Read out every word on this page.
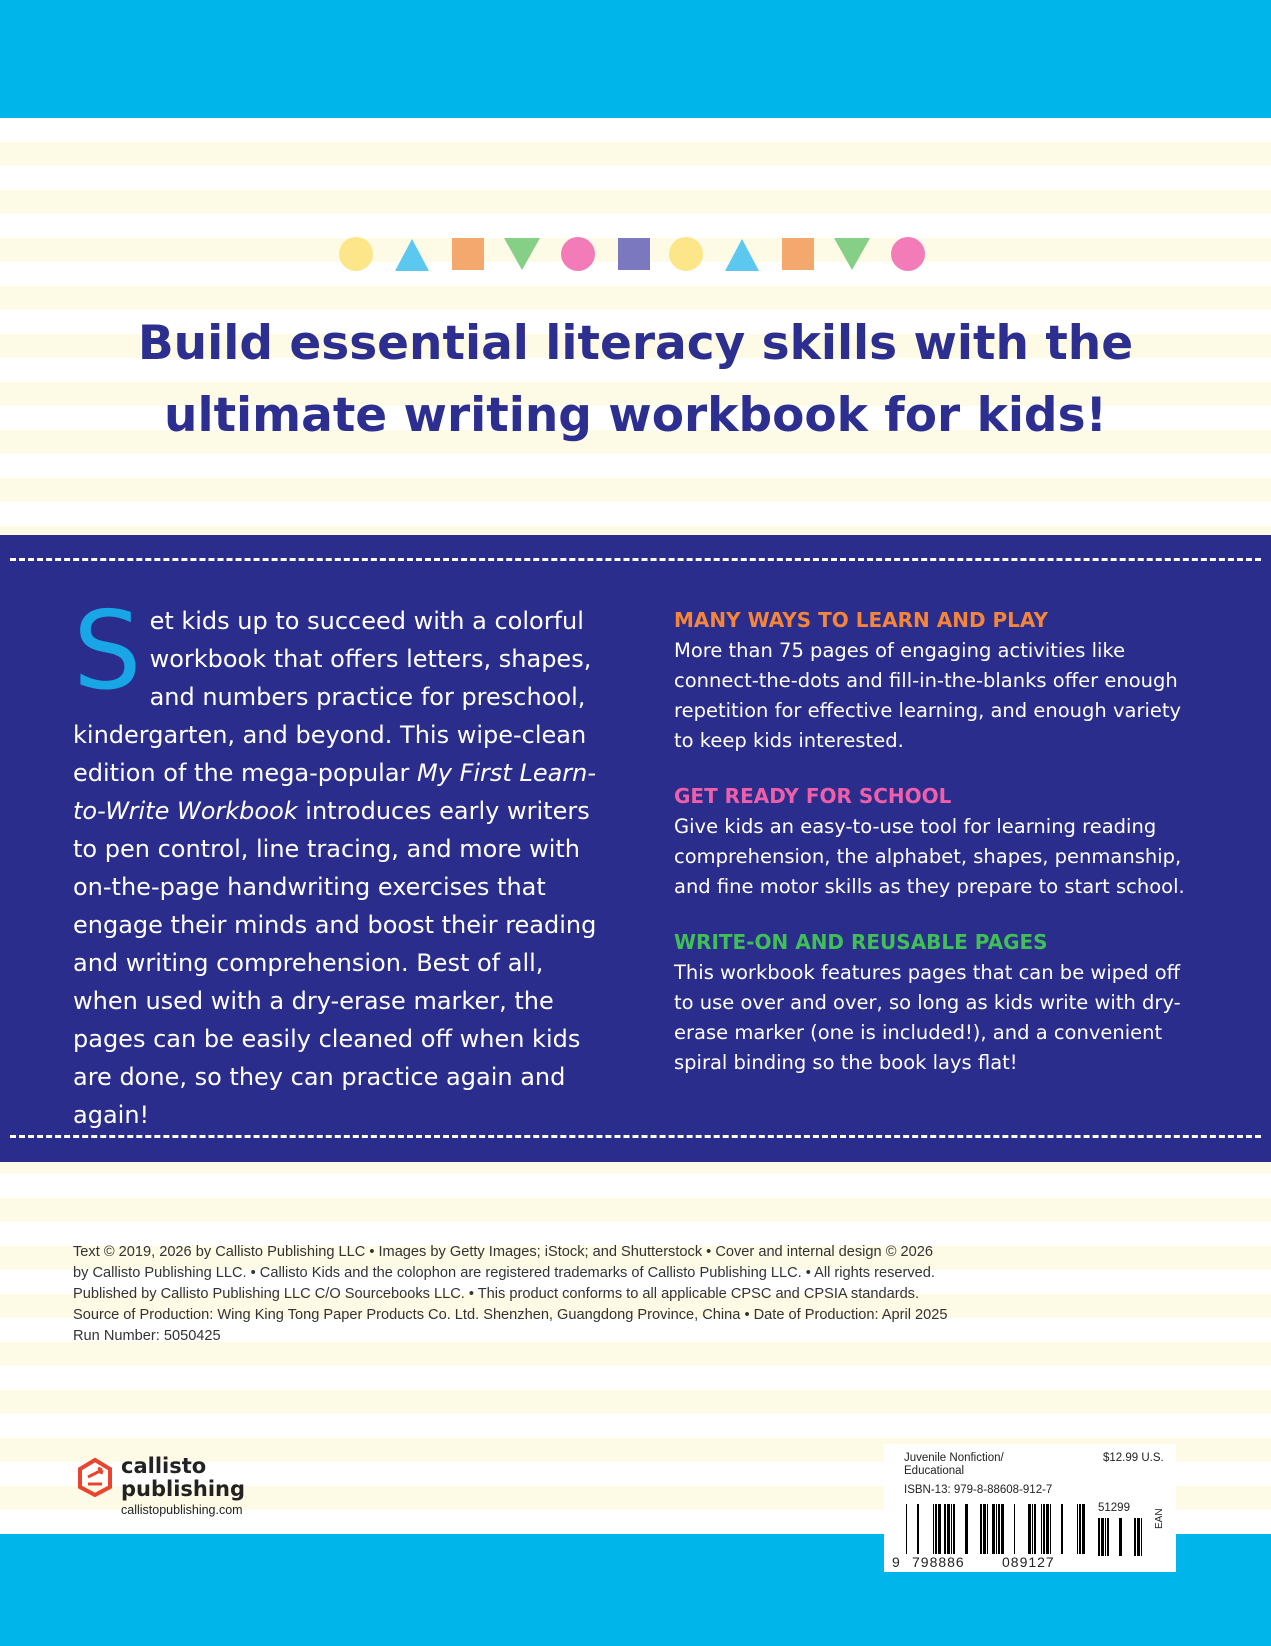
Build essential literacy skills with the
ultimate writing workbook for kids!
Set kids up to succeed with a colorful workbook that offers letters, shapes, and numbers practice for preschool, kindergarten, and beyond. This wipe-clean edition of the mega-popular My First Learn-to-Write Workbook introduces early writers to pen control, line tracing, and more with on-the-page handwriting exercises that engage their minds and boost their reading and writing comprehension. Best of all, when used with a dry-erase marker, the pages can be easily cleaned off when kids are done, so they can practice again and again!
MANY WAYS TO LEARN AND PLAY

More than 75 pages of engaging activities like connect-the-dots and fill-in-the-blanks offer enough repetition for effective learning, and enough variety to keep kids interested.

GET READY FOR SCHOOL

Give kids an easy-to-use tool for learning reading comprehension, the alphabet, shapes, penmanship, and fine motor skills as they prepare to start school.

WRITE-ON AND REUSABLE PAGES

This workbook features pages that can be wiped off to use over and over, so long as kids write with dry-erase marker (one is included!), and a convenient spiral binding so the book lays flat!

Text © 2019, 2026 by Callisto Publishing LLC • Images by Getty Images; iStock; and Shutterstock • Cover and internal design © 2026
by Callisto Publishing LLC. • Callisto Kids and the colophon are registered trademarks of Callisto Publishing LLC. • All rights reserved.
Published by Callisto Publishing LLC C/O Sourcebooks LLC. • This product conforms to all applicable CPSC and CPSIA standards.
Source of Production: Wing King Tong Paper Products Co. Ltd. Shenzhen, Guangdong Province, China • Date of Production: April 2025
Run Number: 5050425
callisto
publishing
callistopublishing.com
Juvenile Nonfiction/ Educational
$12.99 U.S.
ISBN-13: 979-8-88608-912-7
51299
EAN
9 798886	089127
